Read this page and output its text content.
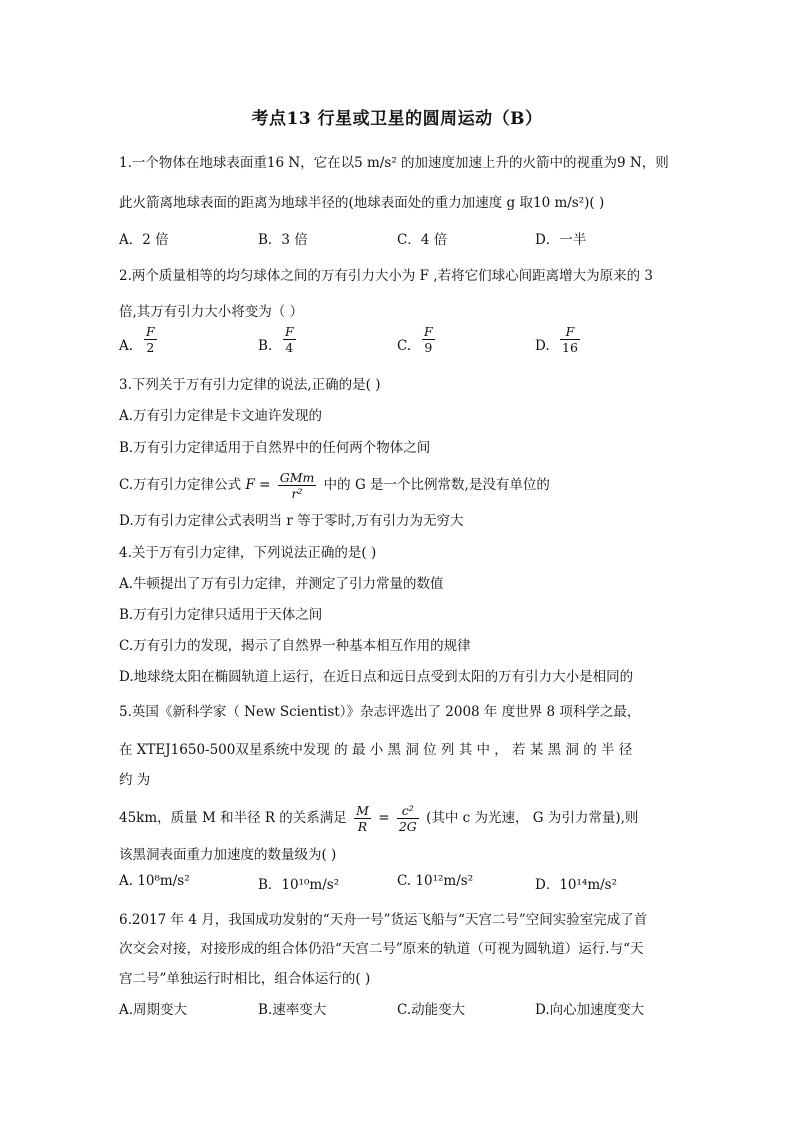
考点13 行星或卫星的圆周运动（B）
1.一个物体在地球表面重16 N，它在以5 m/s² 的加速度加速上升的火箭中的视重为9 N，则
此火箭离地球表面的距离为地球半径的(地球表面处的重力加速度 g 取10 m/s²)( )
A．2 倍	B．3 倍	C．4 倍	D．一半
2.两个质量相等的均匀球体之间的万有引力大小为 F ,若将它们球心间距离增大为原来的 3
倍,其万有引力大小将变为（ ）
A. $\frac{F}{2}$	B. $\frac{F}{4}$	C. $\frac{F}{9}$	D. $\frac{F}{16}$
3.下列关于万有引力定律的说法,正确的是( )
A.万有引力定律是卡文迪许发现的
B.万有引力定律适用于自然界中的任何两个物体之间
C.万有引力定律公式 $F = \frac{\text{GMm}}{\text{r²}}$ 中的 G 是一个比例常数,是没有单位的
D.万有引力定律公式表明当 r 等于零时,万有引力为无穷大
4.关于万有引力定律，下列说法正确的是( )
A.牛顿提出了万有引力定律，并测定了引力常量的数值
B.万有引力定律只适用于天体之间
C.万有引力的发现，揭示了自然界一种基本相互作用的规律
D.地球绕太阳在椭圆轨道上运行，在近日点和远日点受到太阳的万有引力大小是相同的
5.英国《新科学家（ New Scientist）》杂志评选出了 2008 年 度世界 8 项科学之最，
在 XTEJ1650-500双星系统中发现 的 最 小 黑 洞 位 列 其 中 ， 若 某 黑 洞 的 半 径
约 为
45km，质量 M 和半径 R 的关系满足 $\frac{M}{R} = \frac{\text{c²}}{2G}$ (其中 c 为光速， G 为引力常量),则
该黑洞表面重力加速度的数量级为( )
A. 10⁸m/s²	B．10¹⁰m/s²	C. 10¹²m/s²	D．10¹⁴m/s²
6.2017 年 4 月，我国成功发射的“天舟一号”货运飞船与“天宫二号”空间实验室完成了首
次交会对接，对接形成的组合体仍沿“天宫二号”原来的轨道（可视为圆轨道）运行.与“天
宫二号”单独运行时相比，组合体运行的( )
A.周期变大	B.速率变大	C.动能变大	D.向心加速度变大
